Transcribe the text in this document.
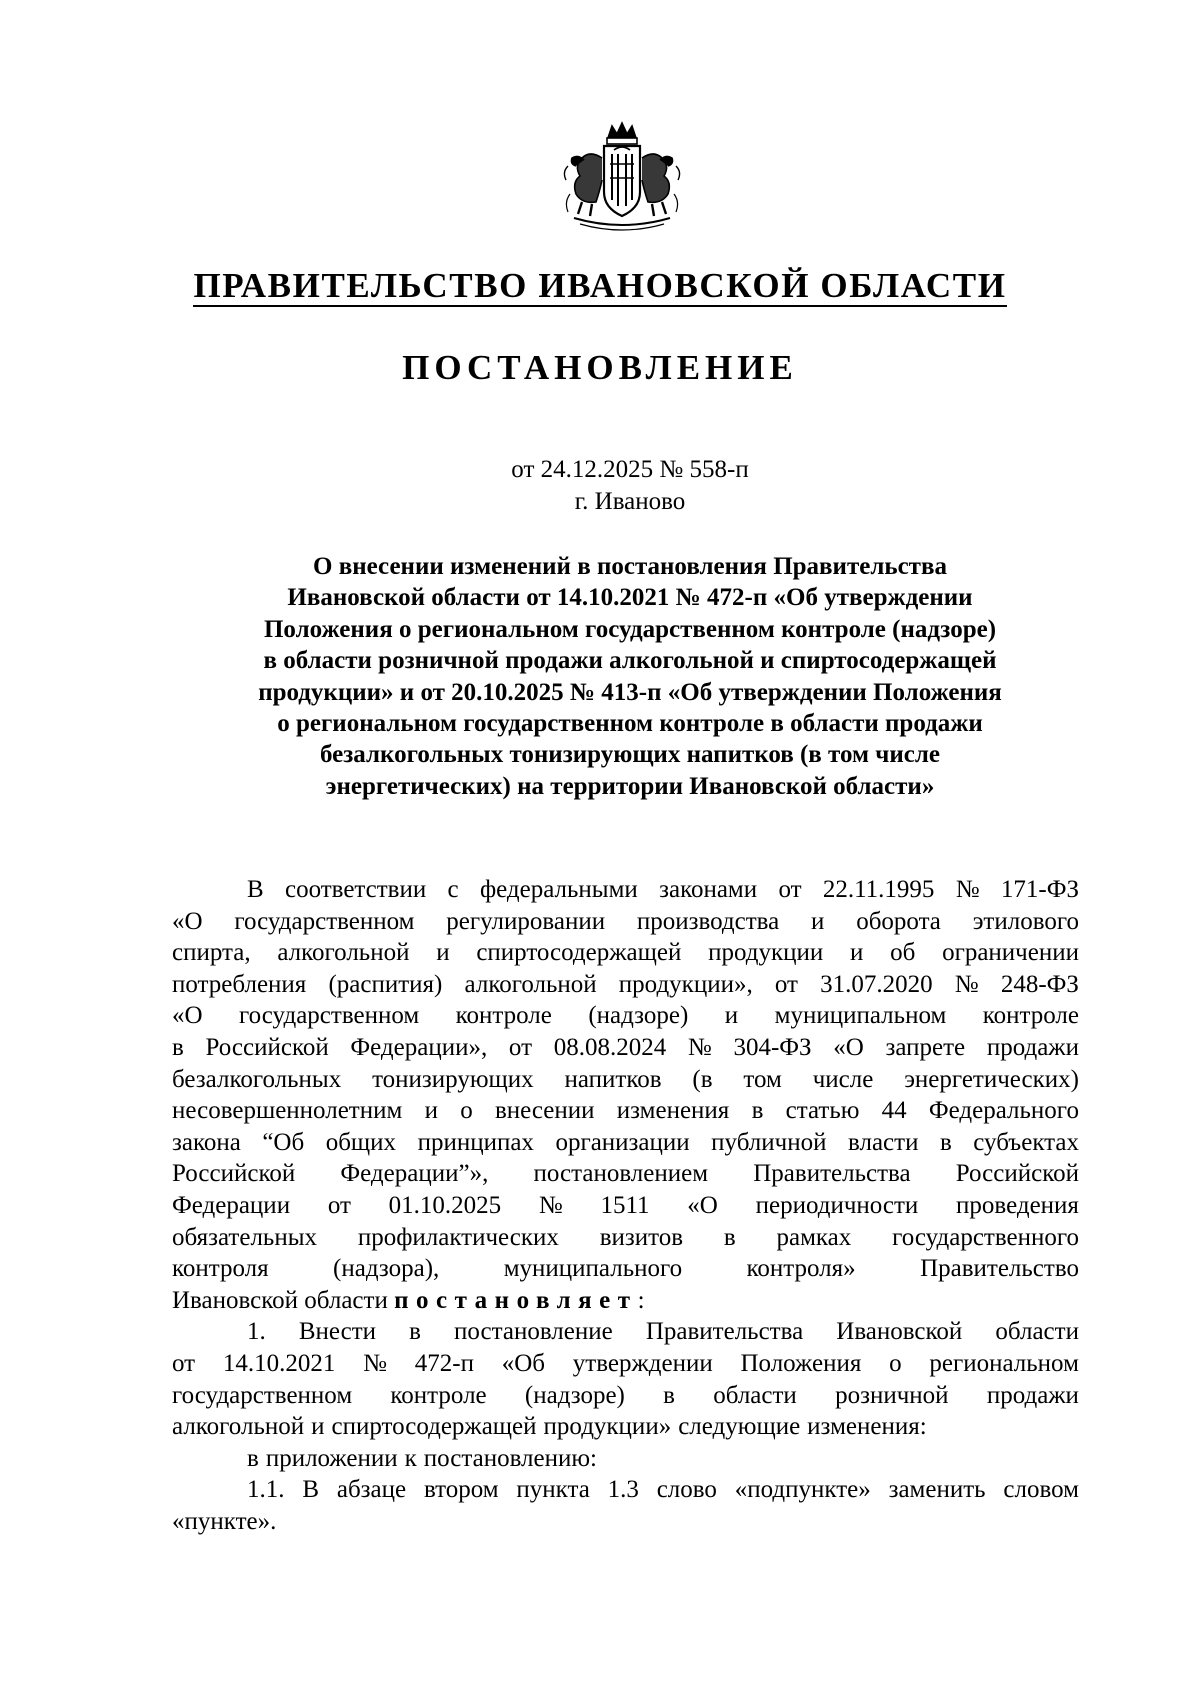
ПРАВИТЕЛЬСТВО ИВАНОВСКОЙ ОБЛАСТИ
ПОСТАНОВЛЕНИЕ
от 24.12.2025 № 558-п
г. Иваново
О внесении изменений в постановления Правительства
Ивановской области от 14.10.2021 № 472-п «Об утверждении
Положения о региональном государственном контроле (надзоре)
в области розничной продажи алкогольной и спиртосодержащей
продукции» и от 20.10.2025 № 413-п «Об утверждении Положения
о региональном государственном контроле в области продажи
безалкогольных тонизирующих напитков (в том числе
энергетических) на территории Ивановской области»
В соответствии с федеральными законами от 22.11.1995 № 171-ФЗ
«О государственном регулировании производства и оборота этилового
спирта, алкогольной и спиртосодержащей продукции и об ограничении
потребления (распития) алкогольной продукции», от 31.07.2020 № 248-ФЗ
«О государственном контроле (надзоре) и муниципальном контроле
в Российской Федерации», от 08.08.2024 № 304-ФЗ «О запрете продажи
безалкогольных тонизирующих напитков (в том числе энергетических)
несовершеннолетним и о внесении изменения в статью 44 Федерального
закона “Об общих принципах организации публичной власти в субъектах
Российской Федерации”», постановлением Правительства Российской
Федерации от 01.10.2025 № 1511 «О периодичности проведения
обязательных профилактических визитов в рамках государственного
контроля	(надзора),	муниципального	контроля»	Правительство
Ивановской области постановляет :
1. Внести в постановление Правительства Ивановской области
от 14.10.2021 № 472-п «Об утверждении Положения о региональном
государственном контроле (надзоре) в области розничной продажи
алкогольной и спиртосодержащей продукции» следующие изменения:
в приложении к постановлению:
1.1. В абзаце втором пункта 1.3 слово «подпункте» заменить словом
«пункте».
